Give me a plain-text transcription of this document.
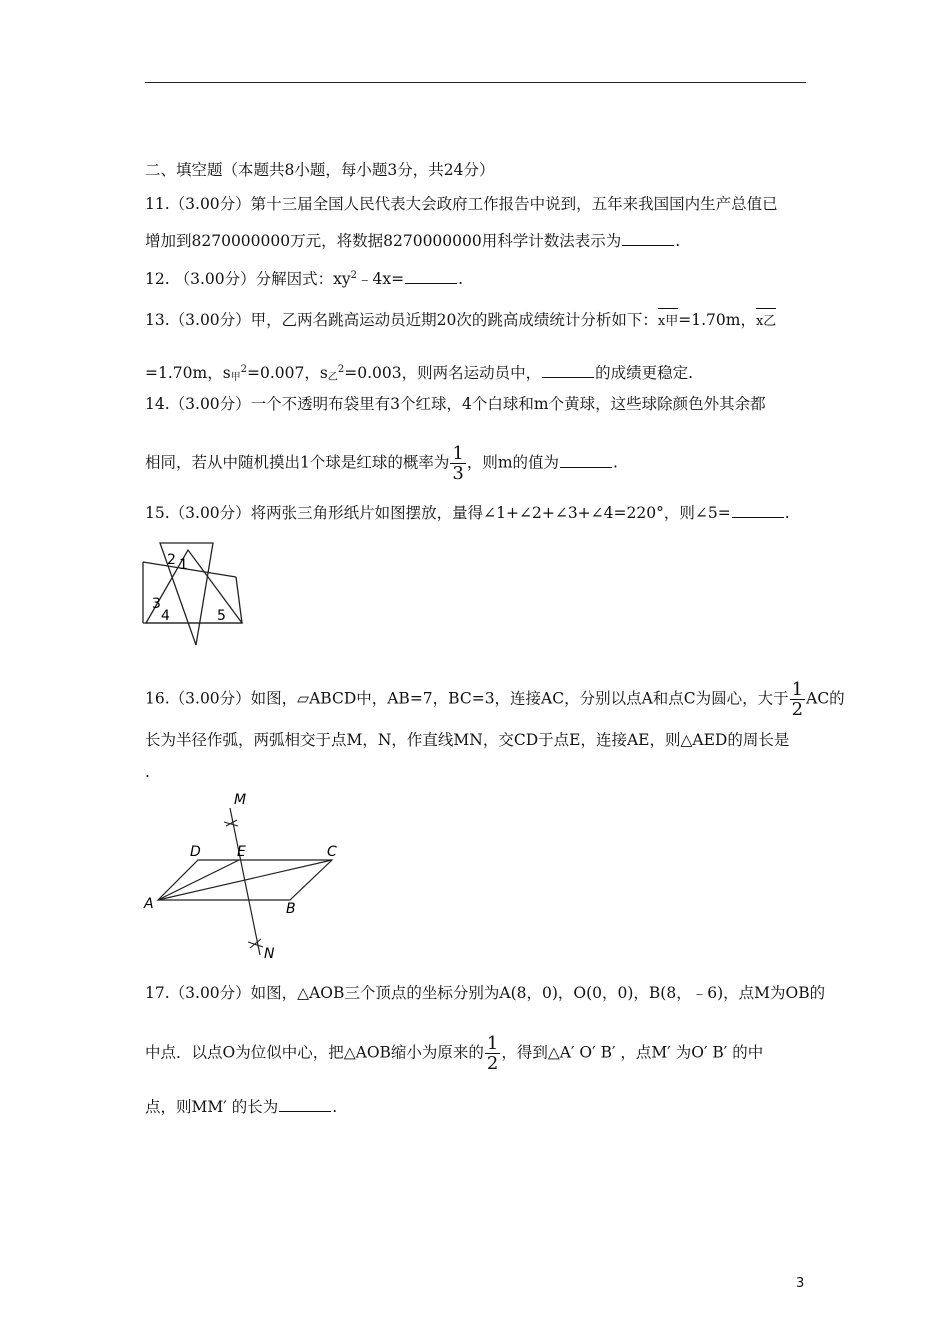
二、填空题（本题共8小题，每小题3分，共24分）
11.（3.00分）第十三届全国人民代表大会政府工作报告中说到，五年来我国国内生产总值已
增加到8270000000万元，将数据8270000000用科学计数法表示为	.
12. （3.00分）分解因式：$xy^2﹣4x=$	.
13.（3.00分）甲，乙两名跳高运动员近期20次的跳高成绩统计分析如下：x甲=1.70m，x乙
=1.70m，$s_甲^2=0.007$，$s_乙^2=0.003$，则两名运动员中，	的成绩更稳定.
14.（3.00分）一个不透明布袋里有3个红球，4个白球和m个黄球，这些球除颜色外其余都
相同，若从中随机摸出1个球是红球的概率为 $\frac{1}{3}$ ，则m的值为	.
15.（3.00分）将两张三角形纸片如图摆放，量得∠1+∠2+∠3+∠4=220°，则∠5=	.
2 1
3
4	5
16.（3.00分）如图，▱ABCD中，AB=7，BC=3，连接AC，分别以点A和点C为圆心，大于 $\frac{1}{2}$ AC的
长为半径作弧，两弧相交于点M，N，作直线MN，交CD于点E，连接AE，则△AED的周长是
.
M
D	E	C
A	B
N
17.（3.00分）如图，△AOB三个顶点的坐标分别为A(8，0)，O(0，0)，B(8，﹣6)，点M为OB的
中点．以点O为位似中心，把△AOB缩小为原来的 $\frac{1}{2}$ ，得到△A′ O′ B′ ，点M′ 为O′ B′ 的中
点，则MM′ 的长为	.
3
